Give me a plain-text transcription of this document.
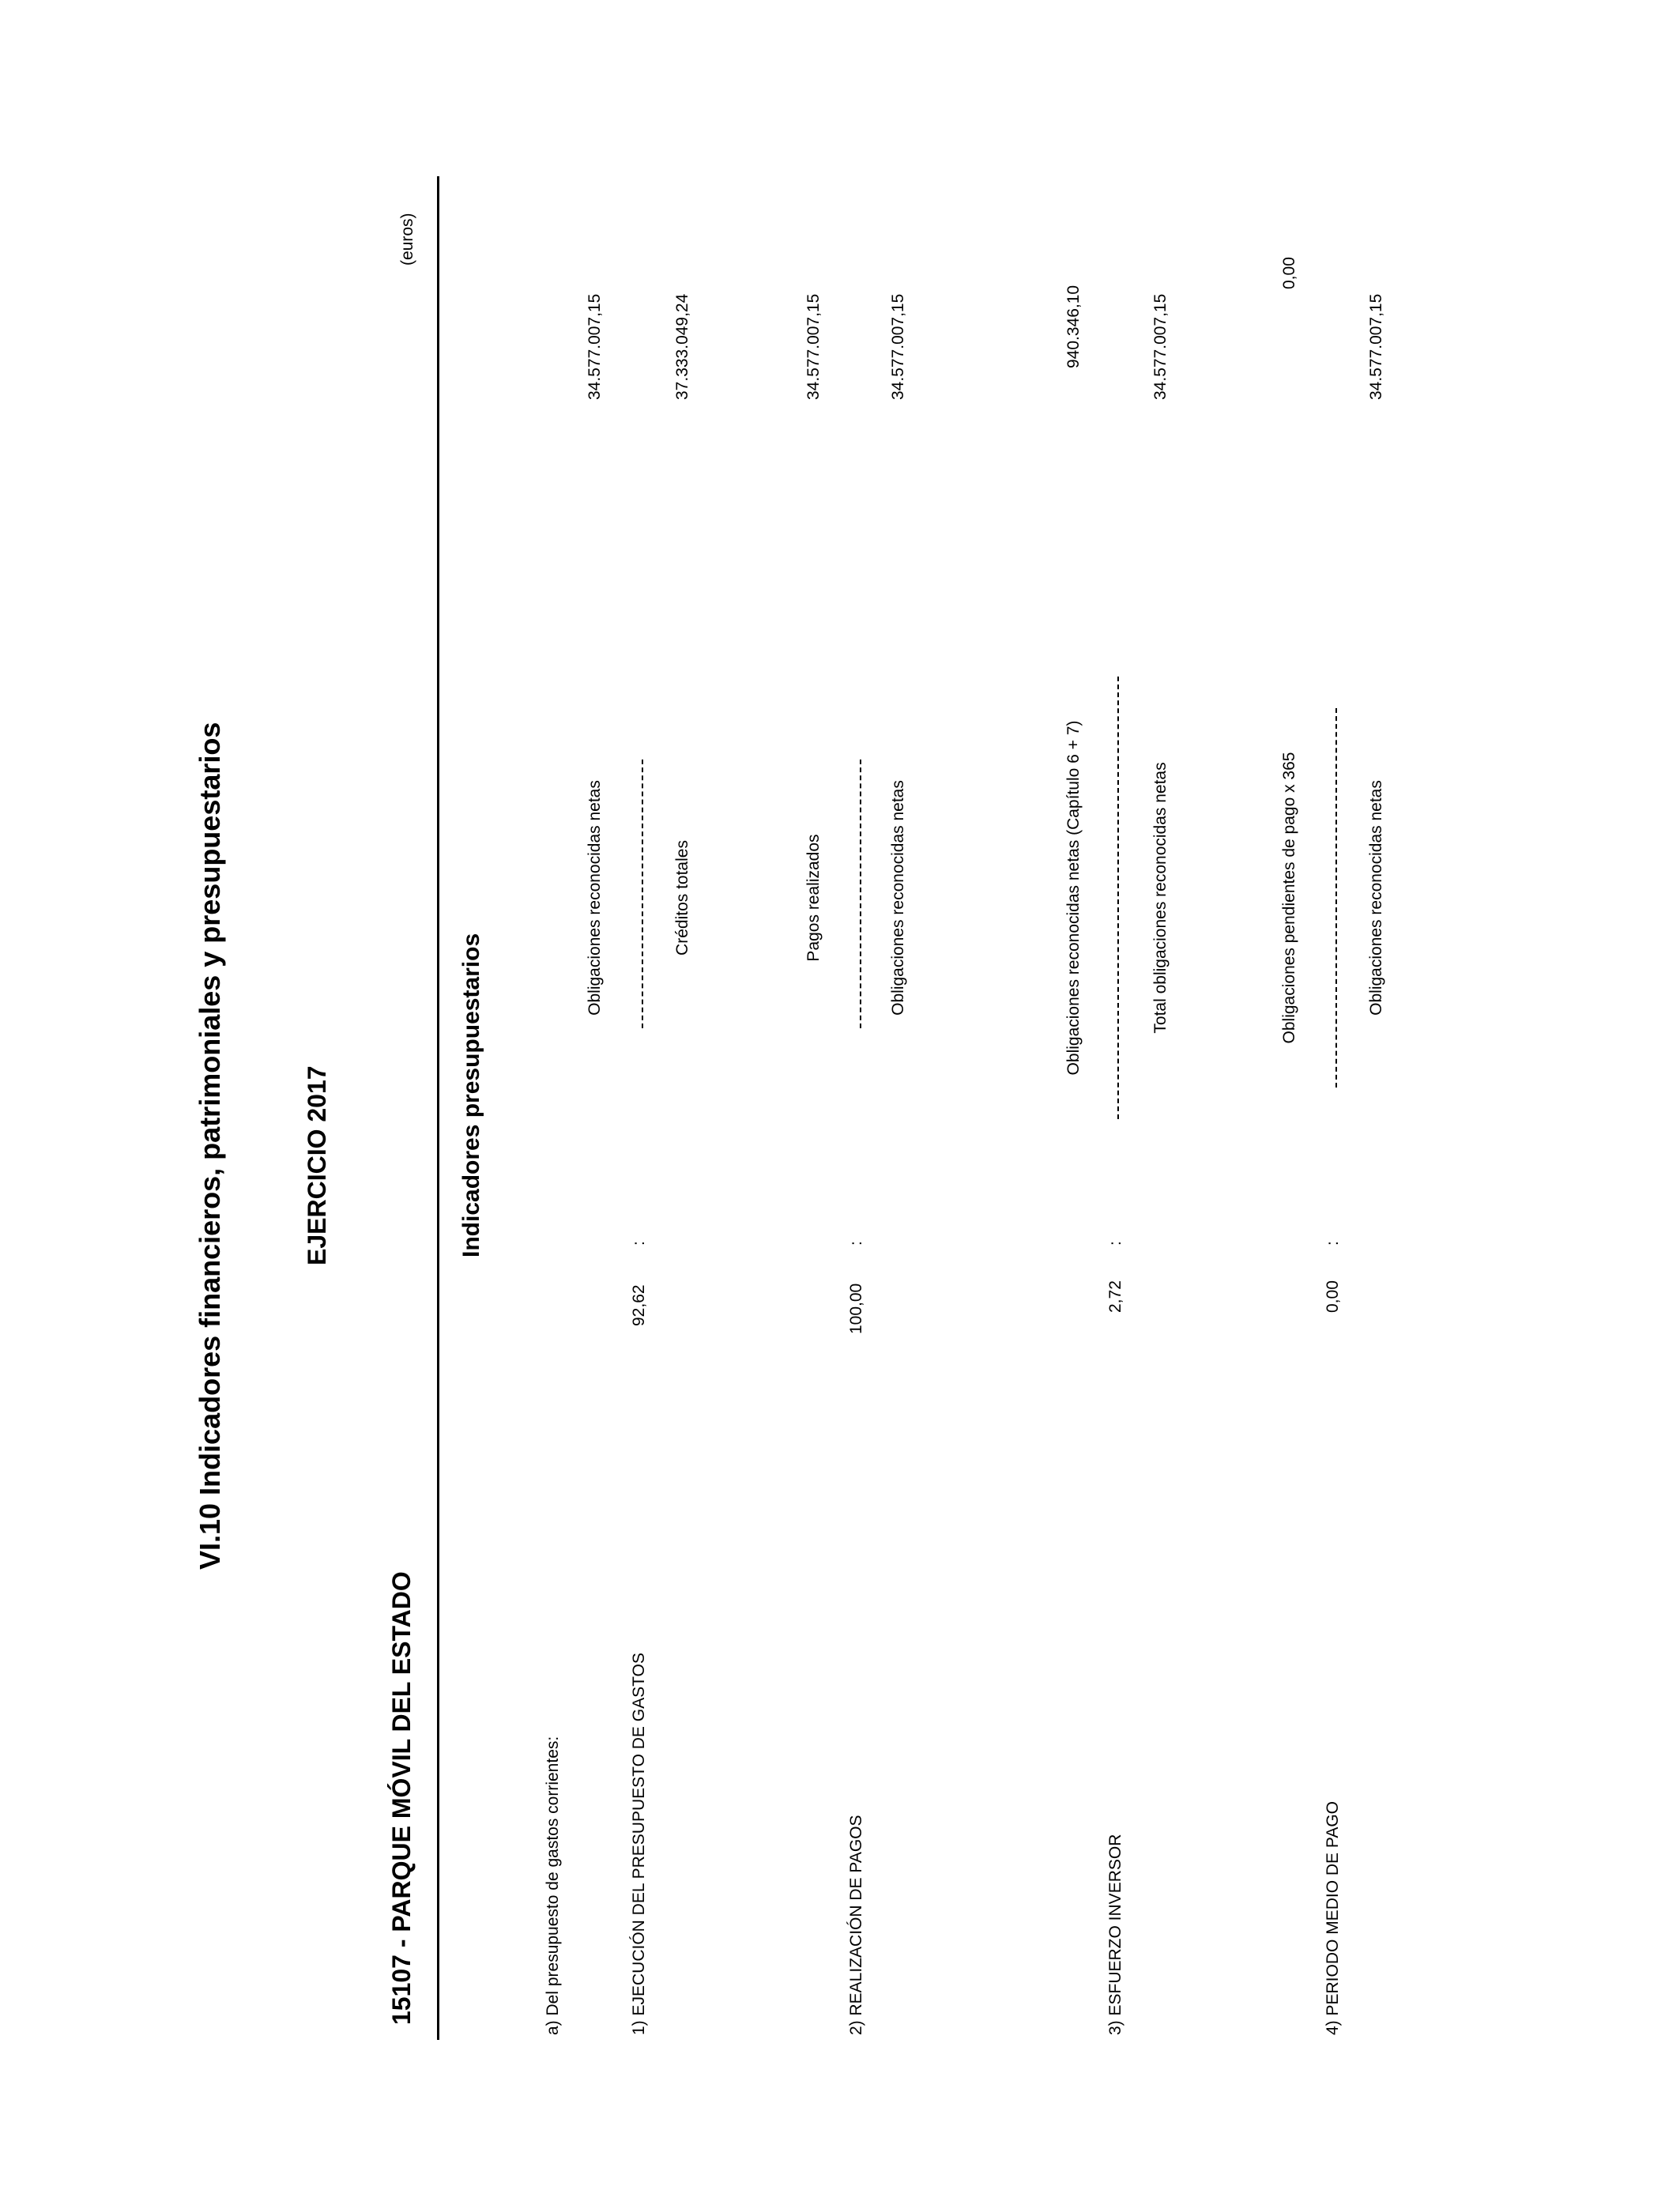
VI.10 Indicadores financieros, patrimoniales y presupuestarios	EJERCICIO 2017
15107 - PARQUE MÓVIL DEL ESTADO
(euros)
Indicadores presupuestarios
a) Del presupuesto de gastos corrientes:	1) EJECUCIÓN DEL PRESUPUESTO DE GASTOS
92,62
:
Obligaciones reconocidas netas	Créditos totales
34.577.007,15	37.333.049,24
2) REALIZACIÓN DE PAGOS
100,00
:
Pagos realizados	Obligaciones reconocidas netas
34.577.007,15	34.577.007,15
3) ESFUERZO INVERSOR
2,72
:
Obligaciones reconocidas netas (Capítulo 6 + 7)	Total obligaciones reconocidas netas
940.346,10	34.577.007,15
4) PERIODO MEDIO DE PAGO
0,00
:
Obligaciones pendientes de pago x 365	Obligaciones reconocidas netas
0,00
34.577.007,15
